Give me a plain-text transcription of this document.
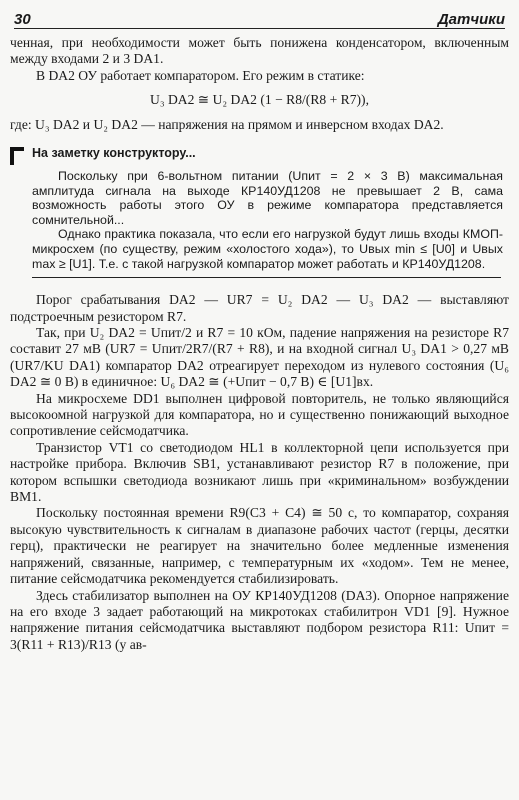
30	Датчики

ченная, при необходимости может быть понижена конденсатором, включенным между входами 2 и 3 DA1.

В DA2 ОУ работает компаратором. Его режим в статике:

U₃ DA2 ≅ U₂ DA2 (1 − R8/(R8 + R7)),

где: U₃ DA2 и U₂ DA2 — напряжения на прямом и инверсном входах DA2.

На заметку конструктору...

Поскольку при 6-вольтном питании (Uпит = 2 × 3 В) максимальная амплитуда сигнала на выходе КР140УД1208 не превышает 2 В, сама возможность работы этого ОУ в режиме компаратора представляется сомнительной...

Однако практика показала, что если его нагрузкой будут лишь входы КМОП-микросхем (по существу, режим «холостого хода»), то Uвых min ≤ [U0] и Uвых max ≥ [U1]. Т.е. с такой нагрузкой компаратор может работать и КР140УД1208.

Порог срабатывания DA2 — UR7 = U₂ DA2 — U₃ DA2 — выставляют подстроечным резистором R7.

Так, при U₂ DA2 = Uпит/2 и R7 = 10 кОм, падение напряжения на резисторе R7 составит 27 мВ (UR7 = Uпит/2R7/(R7 + R8), и на входной сигнал U₃ DA1 > 0,27 мВ (UR7/KU DA1) компаратор DA2 отреагирует переходом из нулевого состояния (U₆ DA2 ≅ 0 В) в единичное: U₆ DA2 ≅ (+Uпит − 0,7 В) ∈ [U1]вх.

На микросхеме DD1 выполнен цифровой повторитель, не только являющийся высокоомной нагрузкой для компаратора, но и существенно понижающий выходное сопротивление сейсмодатчика.

Транзистор VT1 со светодиодом HL1 в коллекторной цепи используется при настройке прибора. Включив SB1, устанавливают резистор R7 в положение, при котором вспышки светодиода возникают лишь при «криминальном» возбуждении BM1.

Поскольку постоянная времени R9(C3 + C4) ≅ 50 с, то компаратор, сохраняя высокую чувствительность к сигналам в диапазоне рабочих частот (герцы, десятки герц), практически не реагирует на значительно более медленные изменения напряжений, связанные, например, с температурным их «ходом». Тем не менее, питание сейсмодатчика рекомендуется стабилизировать.

Здесь стабилизатор выполнен на ОУ КР140УД1208 (DA3). Опорное напряжение на его входе 3 задает работающий на микротоках стабилитрон VD1 [9]. Нужное напряжение питания сейсмодатчика выставляют подбором резистора R11: Uпит = 3(R11 + R13)/R13 (у ав-
